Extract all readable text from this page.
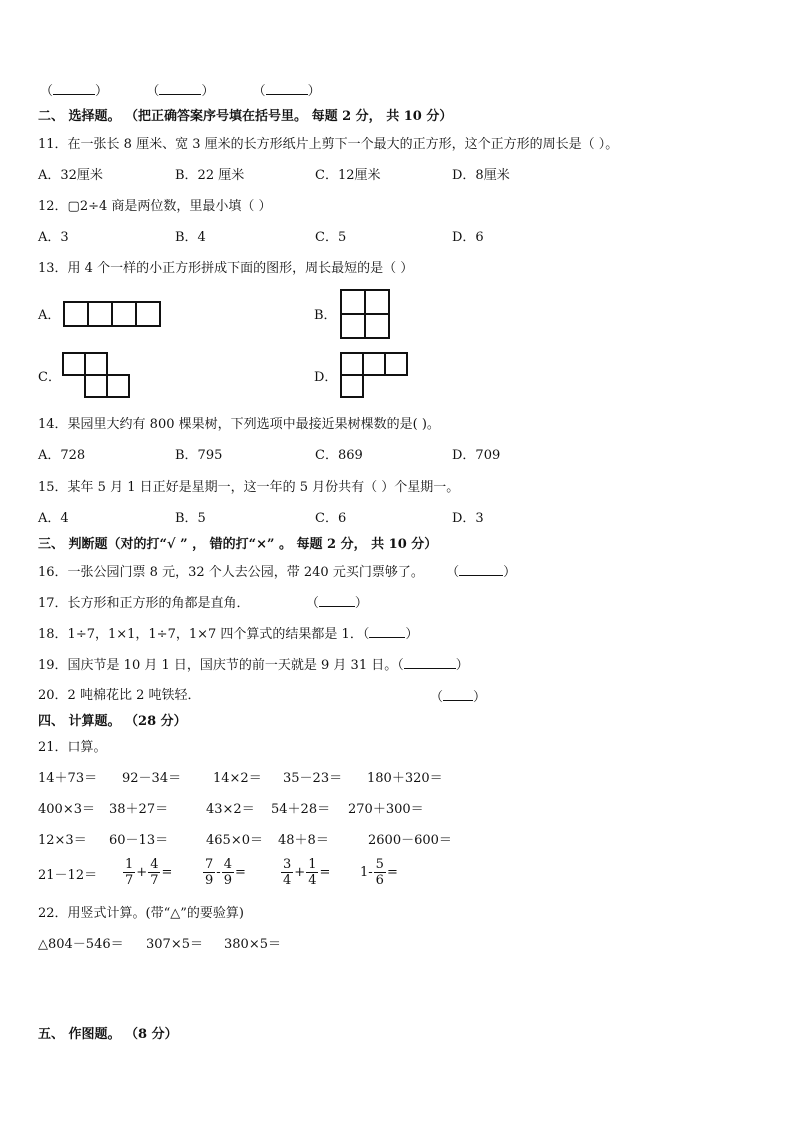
（	）	（	）	（	）
二、 选择题。 （把正确答案序号填在括号里。 每题 2 分， 共 10 分）
11．在一张长 8 厘米、宽 3 厘米的长方形纸片上剪下一个最大的正方形，这个正方形的周长是（ ）。
A．32厘米	B．22 厘米	C．12厘米	D．8厘米
12．▢2÷4 商是两位数，里最小填（ ）
A．3	B．4	C．5	D．6
13．用 4 个一样的小正方形拼成下面的图形，周长最短的是（ ）
A．	B．
C．	D．
14．果园里大约有 800 棵果树，下列选项中最接近果树棵数的是( )。
A．728	B．795	C．869	D．709
15．某年 5 月 1 日正好是星期一，这一年的 5 月份共有（ ）个星期一。
A．4	B．5	C．6	D．3
三、 判断题（对的打“√ ” ， 错的打“×” 。 每题 2 分， 共 10 分）
16．一张公园门票 8 元，32 个人去公园，带 240 元买门票够了。 （	）
17．长方形和正方形的角都是直角．	（	）
18．1÷7，1×1，1÷7，1×7 四个算式的结果都是 1．（	）
19．国庆节是 10 月 1 日，国庆节的前一天就是 9 月 31 日。（	）
20．2 吨棉花比 2 吨铁轻．	（ ）
四、 计算题。 （28 分）
21．口算。
14＋73＝ 92－34＝ 14×2＝ 35－23＝ 180＋320＝
400×3＝ 38＋27＝	43×2＝ 54＋28＝ 270＋300＝
12×3＝ 60－13＝	465×0＝ 48＋8＝	2600－600＝
$21-12= \frac{1}{7} + \frac{4}{7} = \frac{7}{9} - \frac{4}{9}$ =	$\frac{3}{4} + \frac{1}{4} = 1- \frac{5}{6}$ =
22．用竖式计算。(带“△”的要验算)
△804－546＝ 307×5＝ 380×5＝
五、 作图题。 （8 分）
